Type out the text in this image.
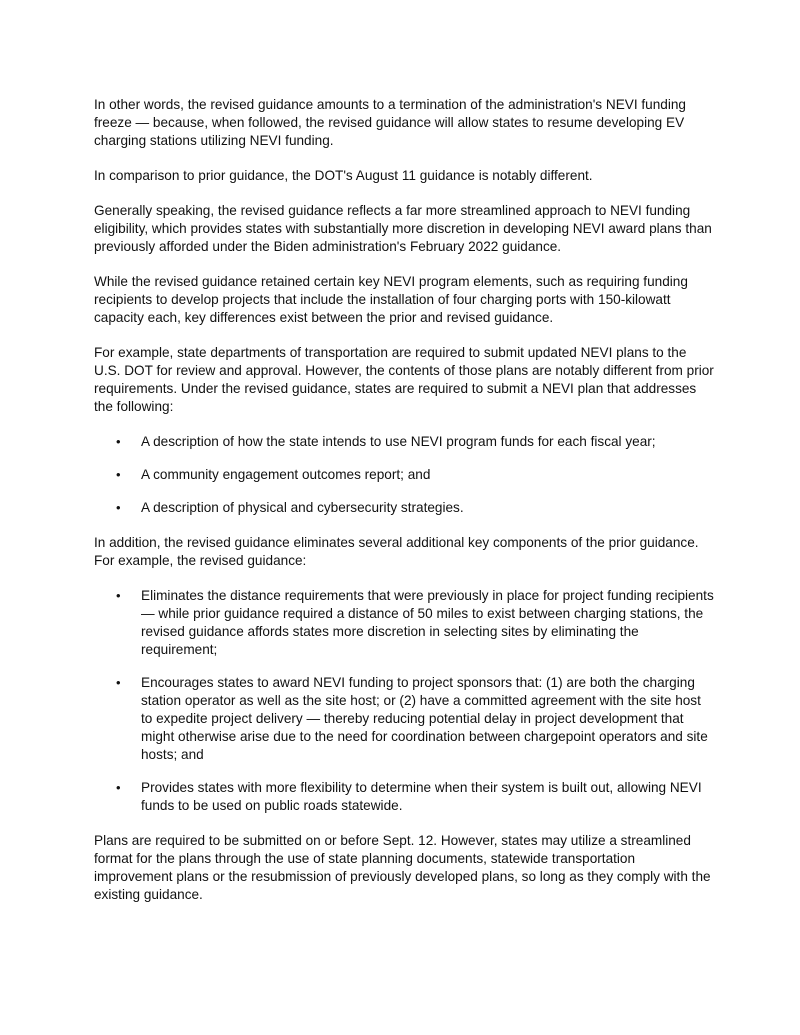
In other words, the revised guidance amounts to a termination of the administration's NEVI funding freeze — because, when followed, the revised guidance will allow states to resume developing EV charging stations utilizing NEVI funding.

In comparison to prior guidance, the DOT's August 11 guidance is notably different.

Generally speaking, the revised guidance reflects a far more streamlined approach to NEVI funding eligibility, which provides states with substantially more discretion in developing NEVI award plans than previously afforded under the Biden administration's February 2022 guidance.

While the revised guidance retained certain key NEVI program elements, such as requiring funding recipients to develop projects that include the installation of four charging ports with 150-kilowatt capacity each, key differences exist between the prior and revised guidance.

For example, state departments of transportation are required to submit updated NEVI plans to the U.S. DOT for review and approval. However, the contents of those plans are notably different from prior requirements. Under the revised guidance, states are required to submit a NEVI plan that addresses the following:

• A description of how the state intends to use NEVI program funds for each fiscal year;
• A community engagement outcomes report; and
• A description of physical and cybersecurity strategies.

In addition, the revised guidance eliminates several additional key components of the prior guidance. For example, the revised guidance:

• Eliminates the distance requirements that were previously in place for project funding recipients — while prior guidance required a distance of 50 miles to exist between charging stations, the revised guidance affords states more discretion in selecting sites by eliminating the requirement;
• Encourages states to award NEVI funding to project sponsors that: (1) are both the charging station operator as well as the site host; or (2) have a committed agreement with the site host to expedite project delivery — thereby reducing potential delay in project development that might otherwise arise due to the need for coordination between chargepoint operators and site hosts; and
• Provides states with more flexibility to determine when their system is built out, allowing NEVI funds to be used on public roads statewide.

Plans are required to be submitted on or before Sept. 12. However, states may utilize a streamlined format for the plans through the use of state planning documents, statewide transportation improvement plans or the resubmission of previously developed plans, so long as they comply with the existing guidance.
